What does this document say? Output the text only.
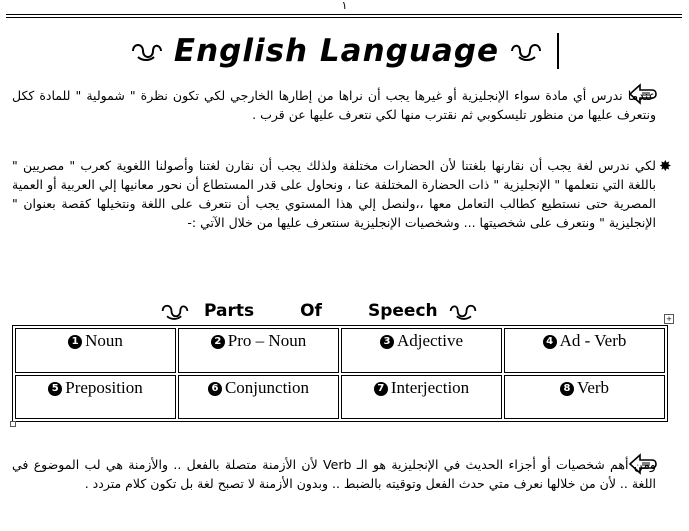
١
English Language
عندما ندرس أي مادة سواء الإنجليزية أو غيرها يجب أن نراها من إطارها الخارجي لكي تكون نظرة " شمولية " للمادة ككل ونتعرف عليها من منظور تليسكوبي ثم نقترب منها لكي نتعرف عليها عن قرب .
✸
لكي ندرس لغة يجب أن نقارنها بلغتنا لأن الحضارات مختلفة ولذلك يجب أن نقارن لغتنا وأصولنا اللغوية كعرب " مصريين " باللغة التي نتعلمها " الإنجليزية " ذات الحضارة المختلفة عنا ، ونحاول على قدر المستطاع أن نحور معانيها إلي العربية أو العمية المصرية حتى نستطيع كطالب التعامل معها ،،ولنصل إلي هذا المستوي يجب أن نتعرف على اللغة ونتخيلها كقصة بعنوان " الإنجليزية " ونتعرف على شخصيتها ... وشخصيات الإنجليزية سنتعرف عليها من خلال الآتي :-
Parts	Of	Speech	+
1 Noun	2 Pro – Noun	3 Adjective	4 Ad - Verb
5 Preposition	6 Conjunction	7 Interjection	8 Verb
ومن أهم شخصيات أو أجزاء الحديث في الإنجليزية هو الـ Verb لأن الأزمنة متصلة بالفعل .. والأزمنة هي لب الموضوع في اللغة .. لأن من خلالها نعرف متي حدث الفعل وتوقيته بالضبط .. وبدون الأزمنة لا تصبح لغة بل تكون كلام متردد .
